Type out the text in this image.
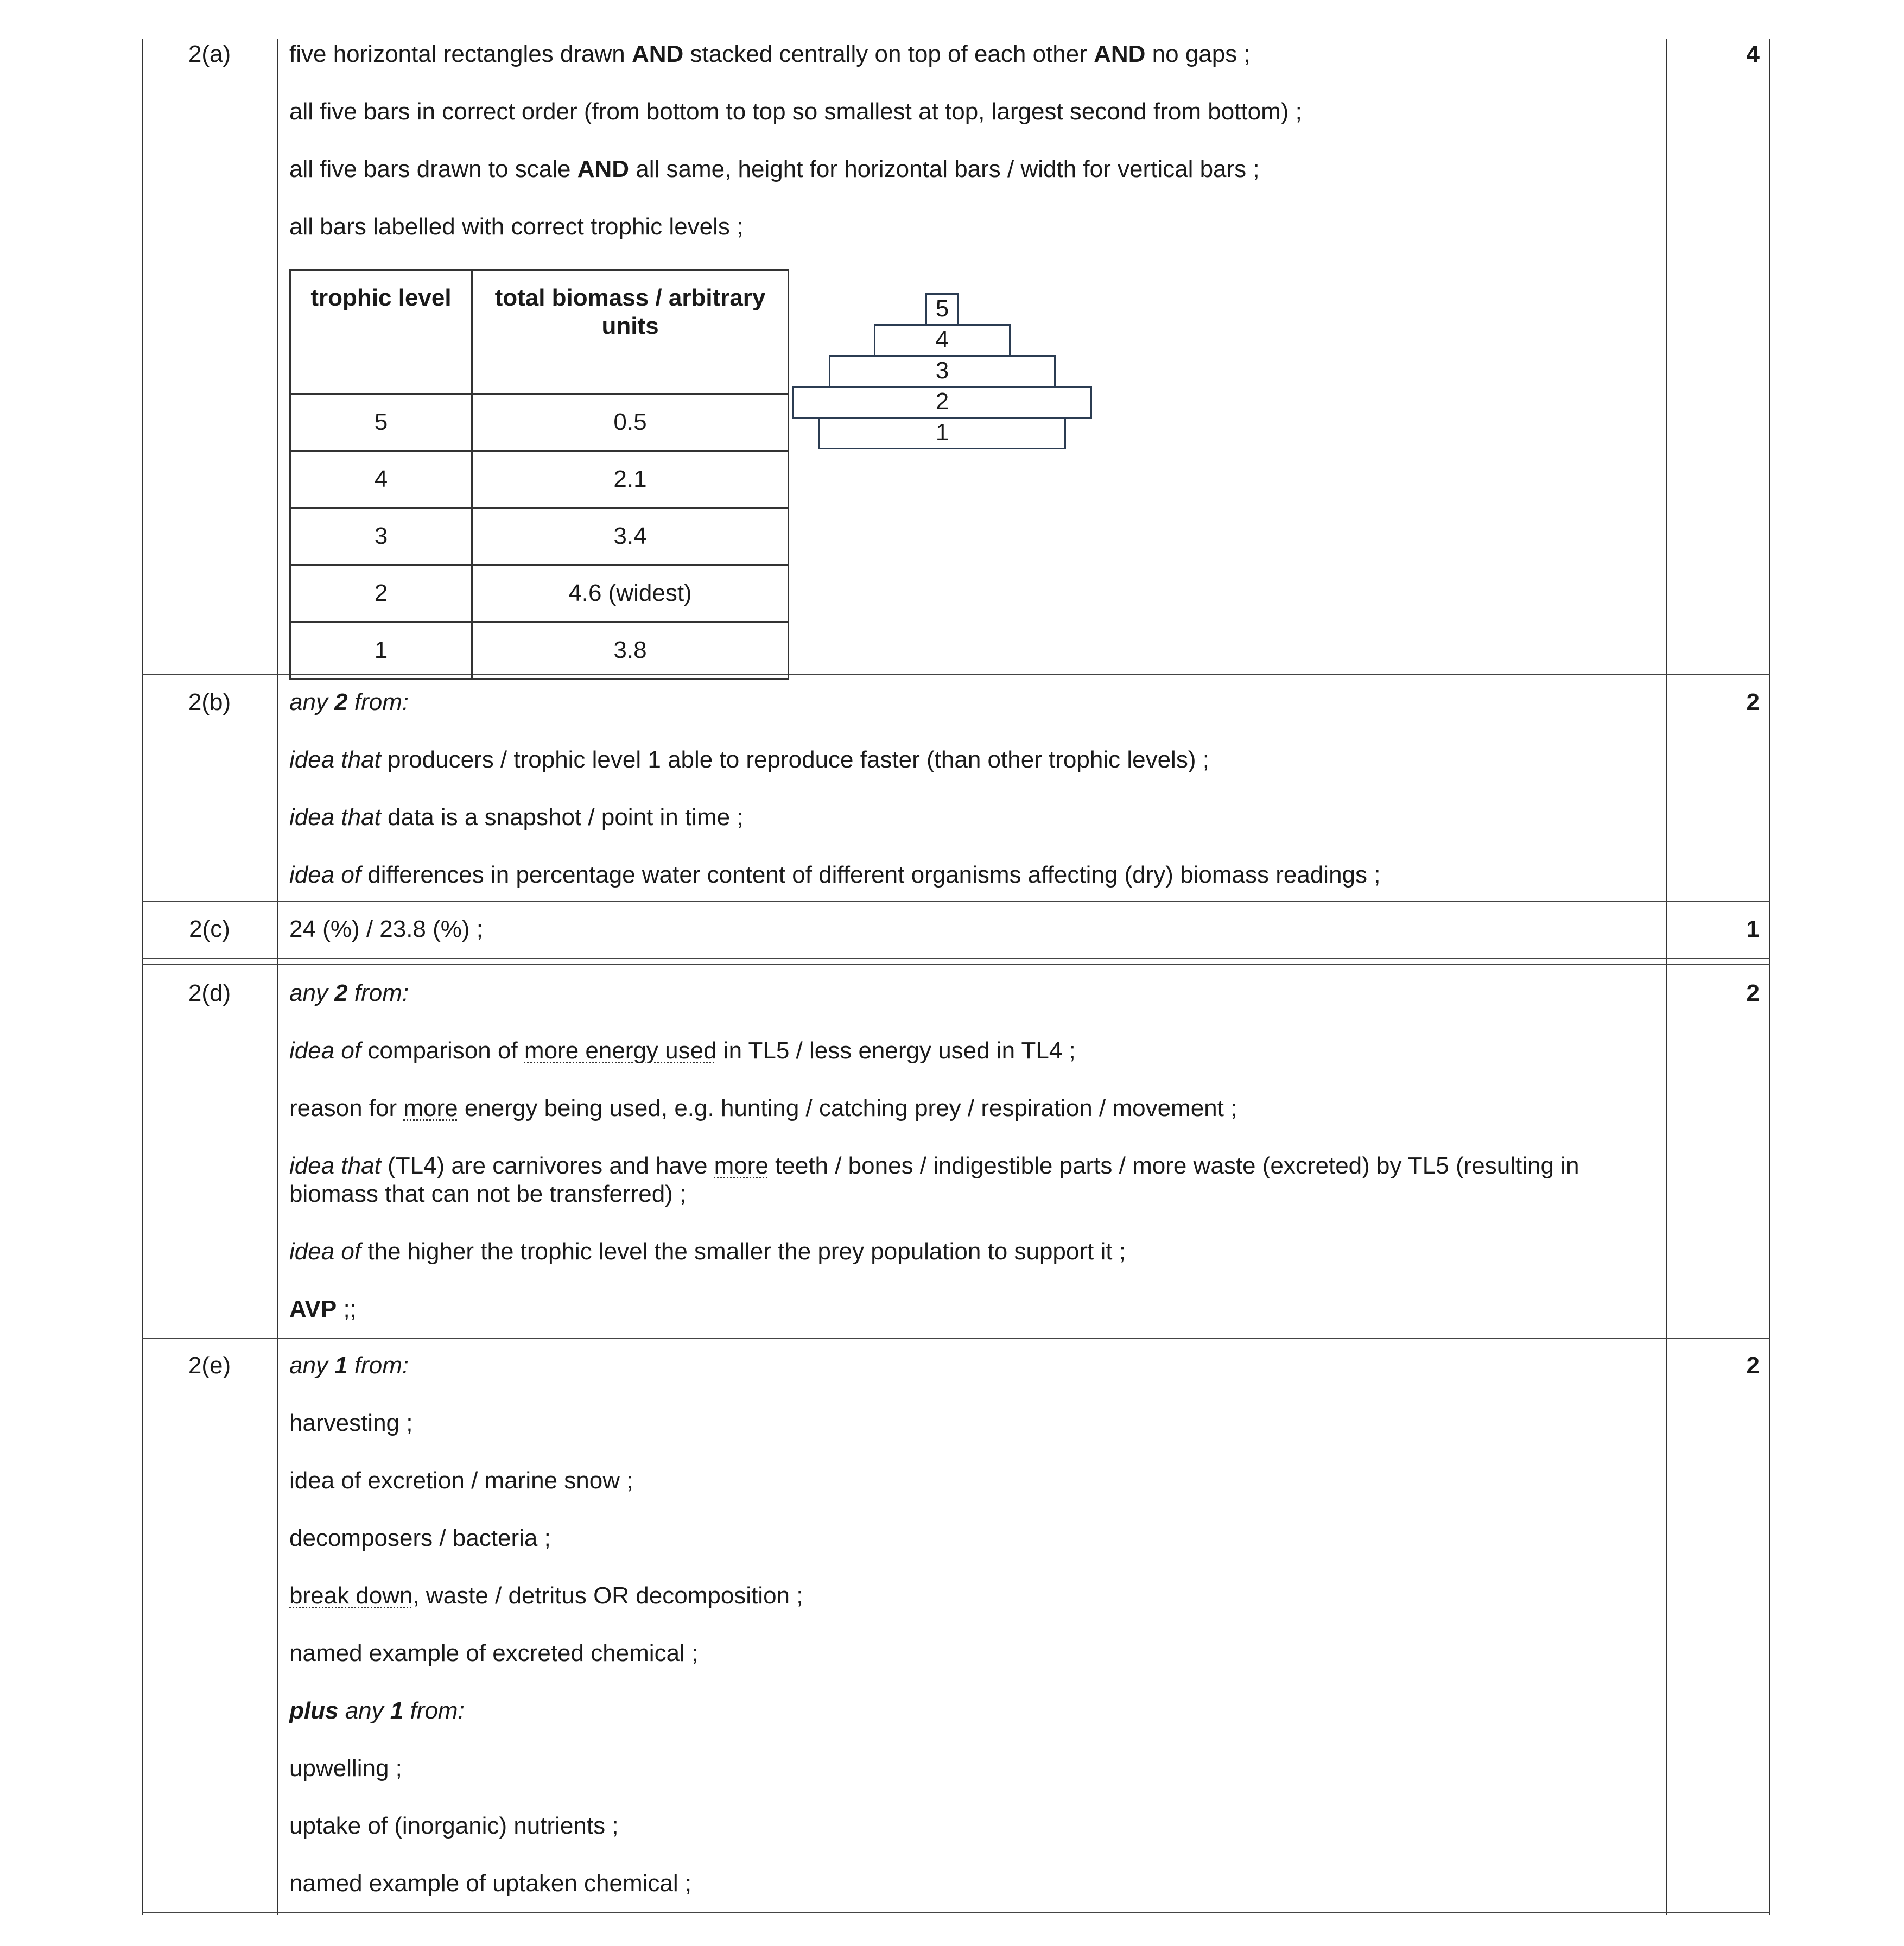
2(a)	4

five horizontal rectangles drawn AND stacked centrally on top of each other AND no gaps ;

all five bars in correct order (from bottom to top so smallest at top, largest second from bottom) ;

all five bars drawn to scale AND all same, height for horizontal bars / width for vertical bars ;

all bars labelled with correct trophic levels ;

trophic level	total biomass / arbitrary units
5	0.5
4	2.1
3	3.4
2	4.6 (widest)
1	3.8
5
4
3
2
1
2(b)	2

any 2 from:

idea that producers / trophic level 1 able to reproduce faster (than other trophic levels) ;

idea that data is a snapshot / point in time ;

idea of differences in percentage water content of different organisms affecting (dry) biomass readings ;

2(c)	1

24 (%) / 23.8 (%) ;

2(d)	2

any 2 from:

idea of comparison of more energy used in TL5 / less energy used in TL4 ;

reason for more energy being used, e.g. hunting / catching prey / respiration / movement ;

idea that (TL4) are carnivores and have more teeth / bones / indigestible parts / more waste (excreted) by TL5 (resulting in biomass that can not be transferred) ;

idea of the higher the trophic level the smaller the prey population to support it ;

AVP ;;

2(e)	2

any 1 from:

harvesting ;

idea of excretion / marine snow ;

decomposers / bacteria ;

break down, waste / detritus OR decomposition ;

named example of excreted chemical ;

plus any 1 from:

upwelling ;

uptake of (inorganic) nutrients ;

named example of uptaken chemical ;
